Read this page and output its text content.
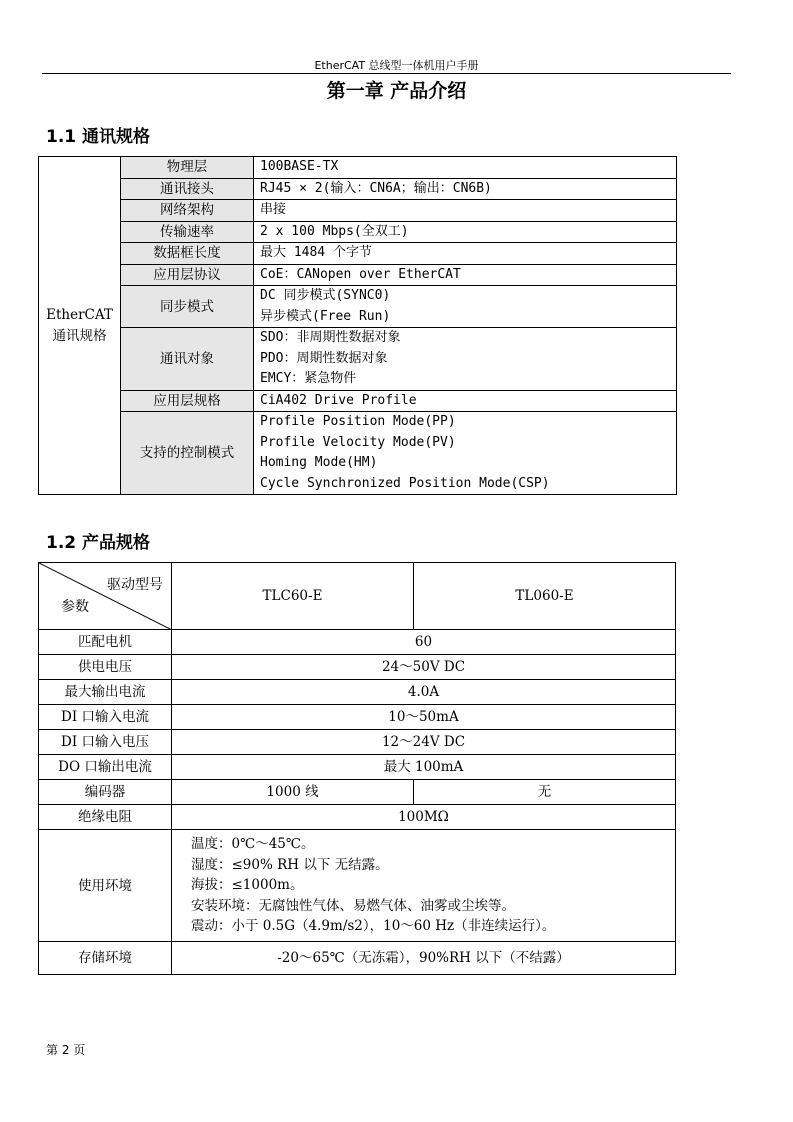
EtherCAT 总线型一体机用户手册
第一章 产品介绍
1.1 通讯规格
EtherCAT
通讯规格	物理层	100BASE-TX

	通讯接头	RJ45 × 2(输入：CN6A；输出：CN6B)

	网络架构	串接

	传输速率	2 x 100 Mbps(全双工)

	数据框长度	最大 1484 个字节

	应用层协议	CoE：CANopen over EtherCAT

	同步模式	DC 同步模式(SYNC0)
异步模式(Free Run)

	通讯对象	SDO：非周期性数据对象
PDO：周期性数据对象
EMCY：紧急物件

	应用层规格	CiA402 Drive Profile

	支持的控制模式	Profile Position Mode(PP)
Profile Velocity Mode(PV)
Homing Mode(HM)
Cycle Synchronized Position Mode(CSP)
1.2 产品规格
驱动型号
参数	TLC60-E	TL060-E
匹配电机	60	
供电电压	24～50V DC	
最大输出电流	4.0A	
DI 口输入电流	10～50mA	
DI 口输入电压	12～24V DC	
DO 口输出电流	最大 100mA	
编码器	1000 线	无
绝缘电阻	100MΩ	
使用环境	温度：0℃～45℃。
湿度：≤90% RH 以下 无结露。
海拔：≤1000m。
安装环境：无腐蚀性气体、易燃气体、油雾或尘埃等。
震动：小于 0.5G（4.9m/s2），10～60 Hz（非连续运行）。	

存储环境	-20～65℃（无冻霜），90%RH 以下（不结露）	
第 2 页
